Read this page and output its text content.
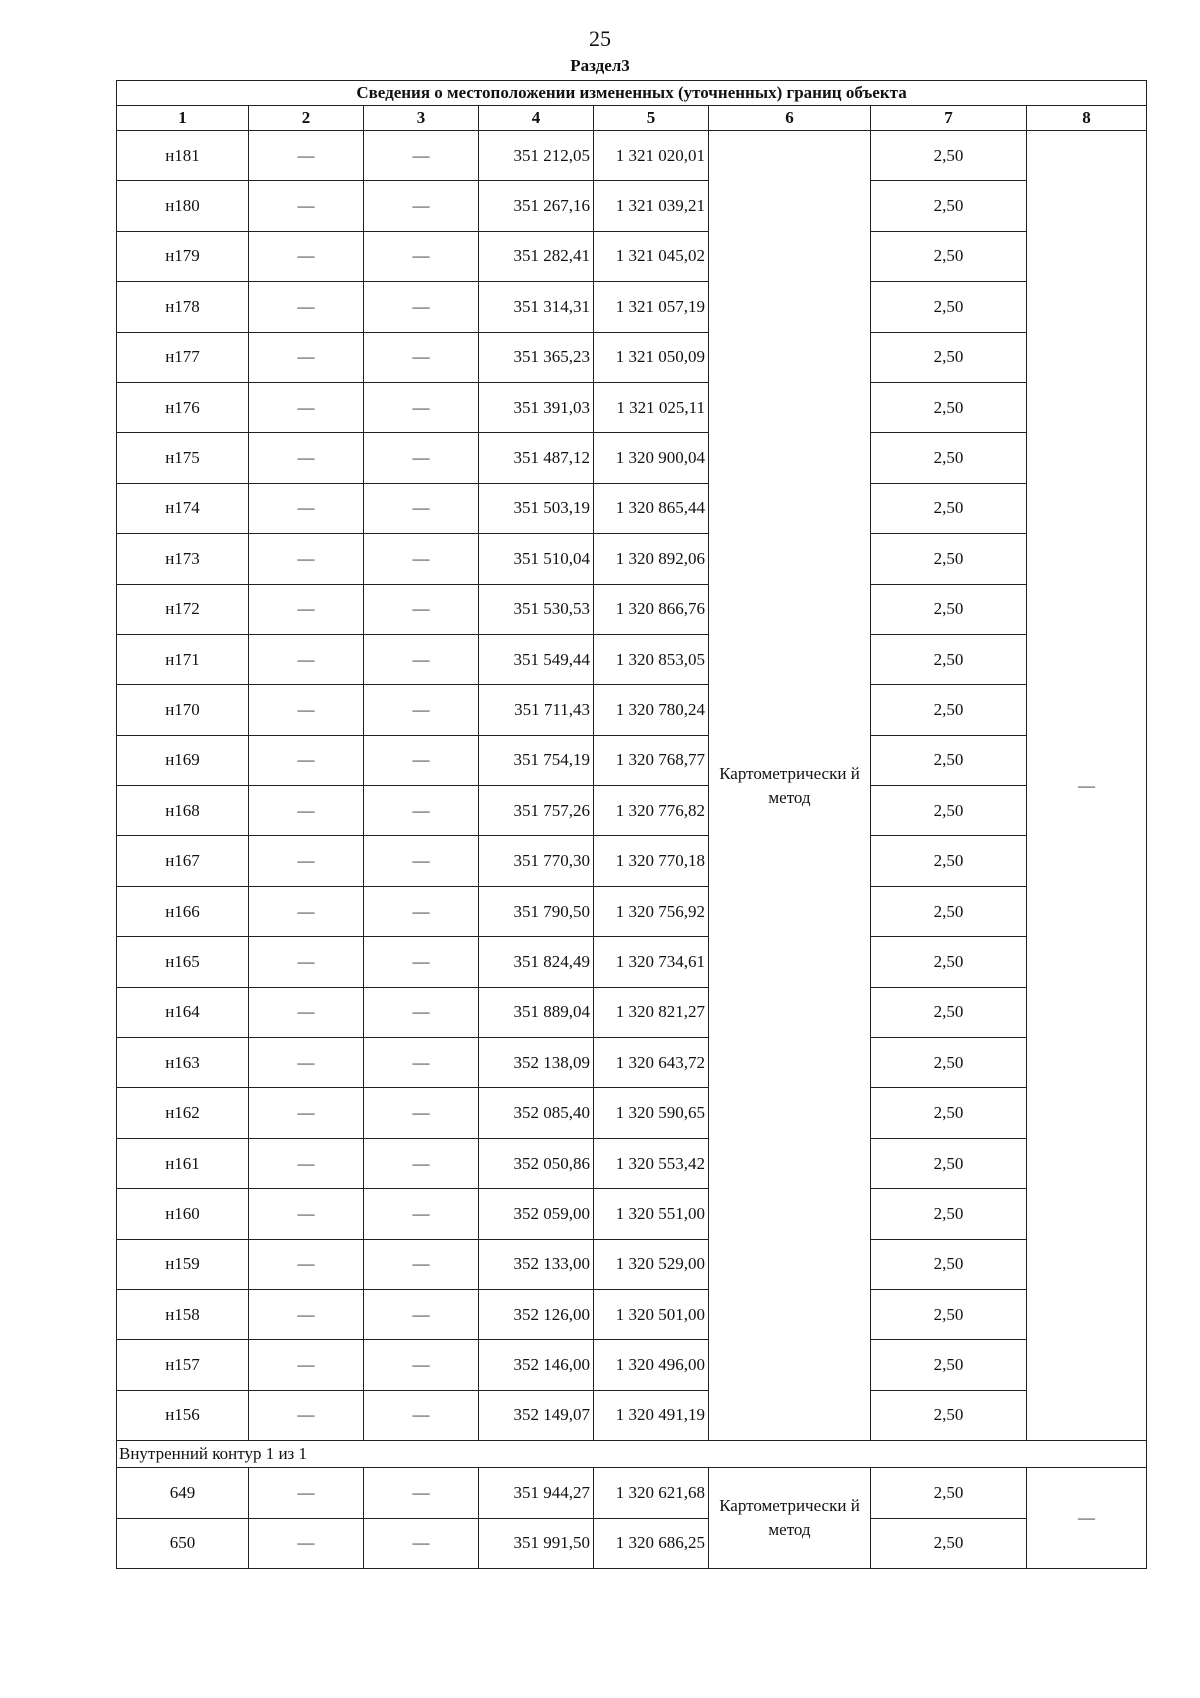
25
Раздел3
Сведения о местоположении измененных (уточненных) границ объекта							
1	2	3	4	5	6	7	8
н181	—	—	351 212,05	1 321 020,01	Картометрически й метод	2,50	—
н180	—	—	351 267,16	1 321 039,21		2,50	
н179	—	—	351 282,41	1 321 045,02		2,50	
н178	—	—	351 314,31	1 321 057,19		2,50	
н177	—	—	351 365,23	1 321 050,09		2,50	
н176	—	—	351 391,03	1 321 025,11		2,50	
н175	—	—	351 487,12	1 320 900,04		2,50	
н174	—	—	351 503,19	1 320 865,44		2,50	
н173	—	—	351 510,04	1 320 892,06		2,50	
н172	—	—	351 530,53	1 320 866,76		2,50	
н171	—	—	351 549,44	1 320 853,05		2,50	
н170	—	—	351 711,43	1 320 780,24		2,50	
н169	—	—	351 754,19	1 320 768,77		2,50	
н168	—	—	351 757,26	1 320 776,82		2,50	
н167	—	—	351 770,30	1 320 770,18		2,50	
н166	—	—	351 790,50	1 320 756,92		2,50	
н165	—	—	351 824,49	1 320 734,61		2,50	
н164	—	—	351 889,04	1 320 821,27		2,50	
н163	—	—	352 138,09	1 320 643,72		2,50	
н162	—	—	352 085,40	1 320 590,65		2,50	
н161	—	—	352 050,86	1 320 553,42		2,50	
н160	—	—	352 059,00	1 320 551,00		2,50	
н159	—	—	352 133,00	1 320 529,00		2,50	
н158	—	—	352 126,00	1 320 501,00		2,50	
н157	—	—	352 146,00	1 320 496,00		2,50	
н156	—	—	352 149,07	1 320 491,19		2,50	
Внутренний контур 1 из 1							
649	—	—	351 944,27	1 320 621,68	Картометрически й метод	2,50	—
650	—	—	351 991,50	1 320 686,25		2,50	
